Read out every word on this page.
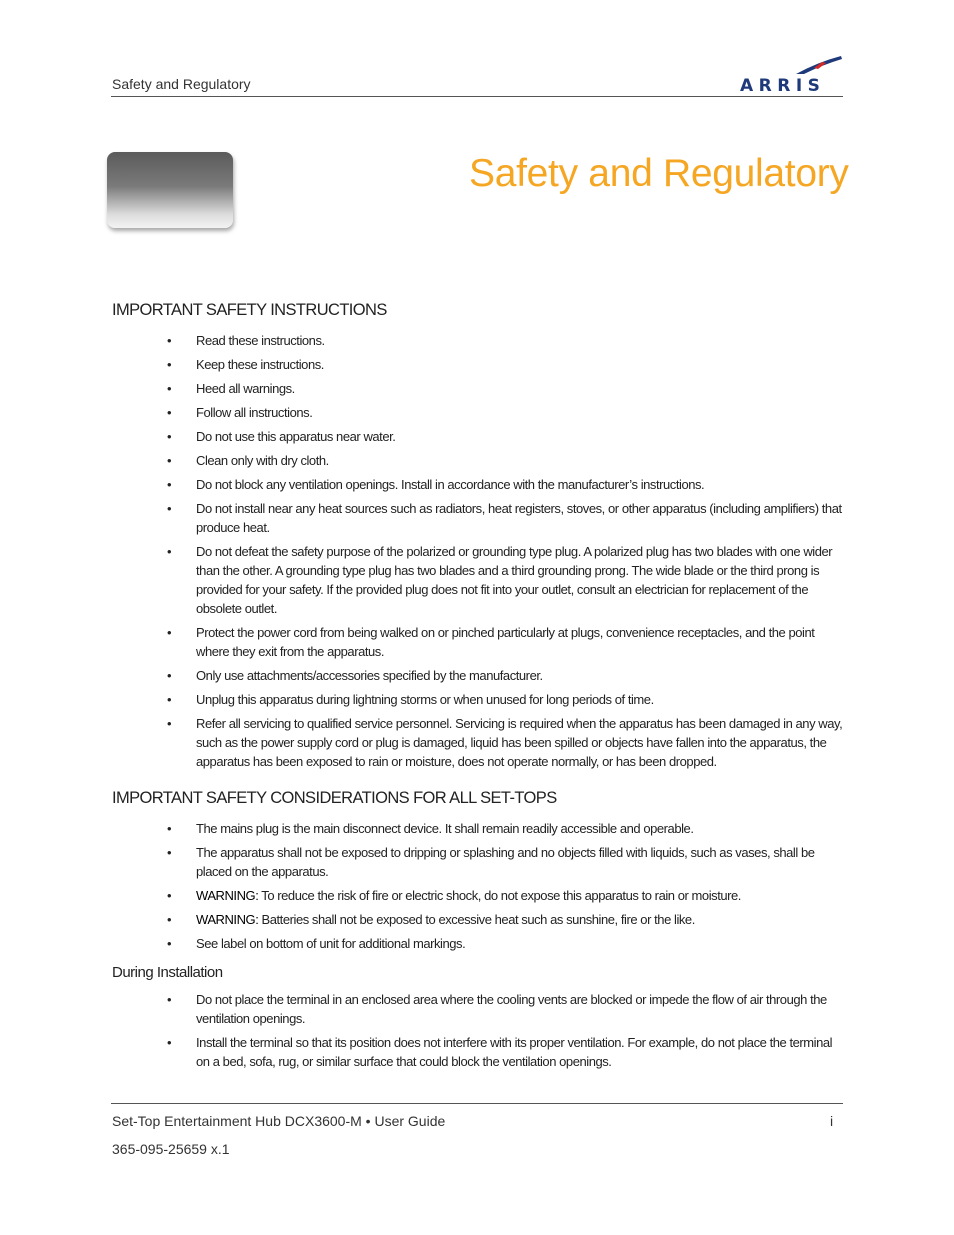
Safety and Regulatory	ARRIS
Safety and Regulatory
IMPORTANT SAFETY INSTRUCTIONS
• Read these instructions.
• Keep these instructions.
• Heed all warnings.
• Follow all instructions.
• Do not use this apparatus near water.
• Clean only with dry cloth.
• Do not block any ventilation openings. Install in accordance with the manufacturer’s instructions.
• Do not install near any heat sources such as radiators, heat registers, stoves, or other apparatus (including amplifiers) that produce heat.
• Do not defeat the safety purpose of the polarized or grounding type plug. A polarized plug has two blades with one wider than the other. A grounding type plug has two blades and a third grounding prong. The wide blade or the third prong is provided for your safety. If the provided plug does not fit into your outlet, consult an electrician for replacement of the obsolete outlet.
• Protect the power cord from being walked on or pinched particularly at plugs, convenience receptacles, and the point where they exit from the apparatus.
• Only use attachments/accessories specified by the manufacturer.
• Unplug this apparatus during lightning storms or when unused for long periods of time.
• Refer all servicing to qualified service personnel. Servicing is required when the apparatus has been damaged in any way, such as the power supply cord or plug is damaged, liquid has been spilled or objects have fallen into the apparatus, the apparatus has been exposed to rain or moisture, does not operate normally, or has been dropped.
IMPORTANT SAFETY CONSIDERATIONS FOR ALL SET-TOPS
• The mains plug is the main disconnect device. It shall remain readily accessible and operable.
• The apparatus shall not be exposed to dripping or splashing and no objects filled with liquids, such as vases, shall be placed on the apparatus.
• WARNING: To reduce the risk of fire or electric shock, do not expose this apparatus to rain or moisture.
• WARNING: Batteries shall not be exposed to excessive heat such as sunshine, fire or the like.
• See label on bottom of unit for additional markings.
During Installation
• Do not place the terminal in an enclosed area where the cooling vents are blocked or impede the flow of air through the ventilation openings.
• Install the terminal so that its position does not interfere with its proper ventilation. For example, do not place the terminal on a bed, sofa, rug, or similar surface that could block the ventilation openings.
Set-Top Entertainment Hub DCX3600-M • User Guide	i
365-095-25659 x.1
